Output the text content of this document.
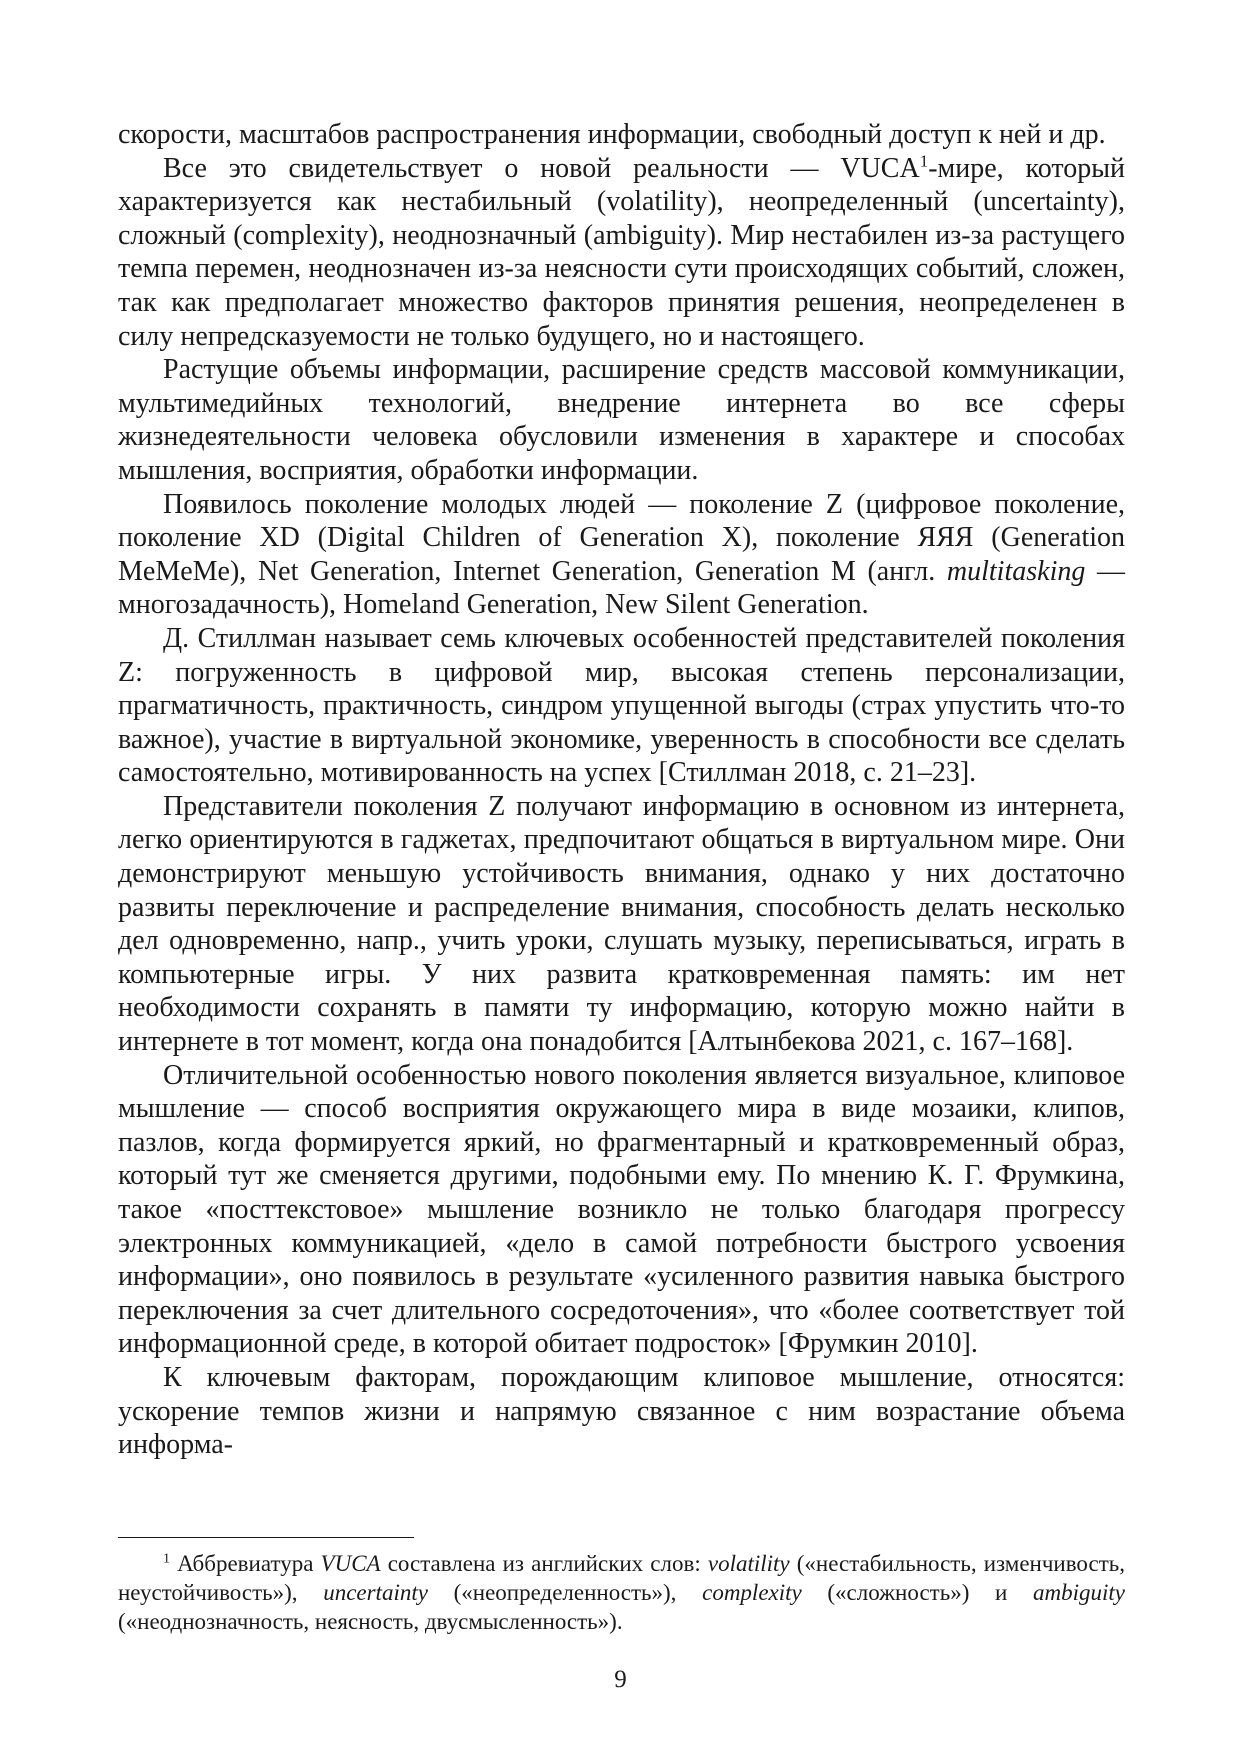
скорости, масштабов распространения информации, свободный доступ к ней и др.

Все это свидетельствует о новой реальности — VUCA$^1$-мире, который характеризуется как нестабильный (volatility), неопределенный (uncertainty), сложный (complexity), неоднозначный (ambiguity). Мир нестабилен из-за растущего темпа перемен, неоднозначен из-за неясности сути происходящих событий, сложен, так как предполагает множество факторов принятия решения, неопределенен в силу непредсказуемости не только будущего, но и настоящего.

Растущие объемы информации, расширение средств массовой коммуникации, мультимедийных технологий, внедрение интернета во все сферы жизнедеятельности человека обусловили изменения в характере и способах мышления, восприятия, обработки информации.

Появилось поколение молодых людей — поколение Z (цифровое поколение, поколение XD (Digital Children of Generation X), поколение ЯЯЯ (Generation MeMeMe), Net Generation, Internet Generation, Generation M (англ. multitasking — многозадачность), Homeland Generation, New Silent Generation.

Д. Стиллман называет семь ключевых особенностей представителей поколения Z: погруженность в цифровой мир, высокая степень персонализации, прагматичность, практичность, синдром упущенной выгоды (страх упустить что-то важное), участие в виртуальной экономике, уверенность в способности все сделать самостоятельно, мотивированность на успех [Стиллман 2018, с. 21–23].

Представители поколения Z получают информацию в основном из интернета, легко ориентируются в гаджетах, предпочитают общаться в виртуальном мире. Они демонстрируют меньшую устойчивость внимания, однако у них достаточно развиты переключение и распределение внимания, способность делать несколько дел одновременно, напр., учить уроки, слушать музыку, переписываться, играть в компьютерные игры. У них развита кратковременная память: им нет необходимости сохранять в памяти ту информацию, которую можно найти в интернете в тот момент, когда она понадобится [Алтынбекова 2021, с. 167–168].

Отличительной особенностью нового поколения является визуальное, клиповое мышление — способ восприятия окружающего мира в виде мозаики, клипов, пазлов, когда формируется яркий, но фрагментарный и кратковременный образ, который тут же сменяется другими, подобными ему. По мнению К. Г. Фрумкина, такое «посттекстовое» мышление возникло не только благодаря прогрессу электронных коммуникацией, «дело в самой потребности быстрого усвоения информации», оно появилось в результате «усиленного развития навыка быстрого переключения за счет длительного сосредоточения», что «более соответствует той информационной среде, в которой обитает подросток» [Фрумкин 2010].

К ключевым факторам, порождающим клиповое мышление, относятся: ускорение темпов жизни и напрямую связанное с ним возрастание объема информа-

$^1$ Аббревиатура VUCA составлена из английских слов: volatility («нестабильность, изменчивость, неустойчивость»), uncertainty («неопределенность»), complexity («сложность») и ambiguity («неоднозначность, неясность, двусмысленность»).

9
